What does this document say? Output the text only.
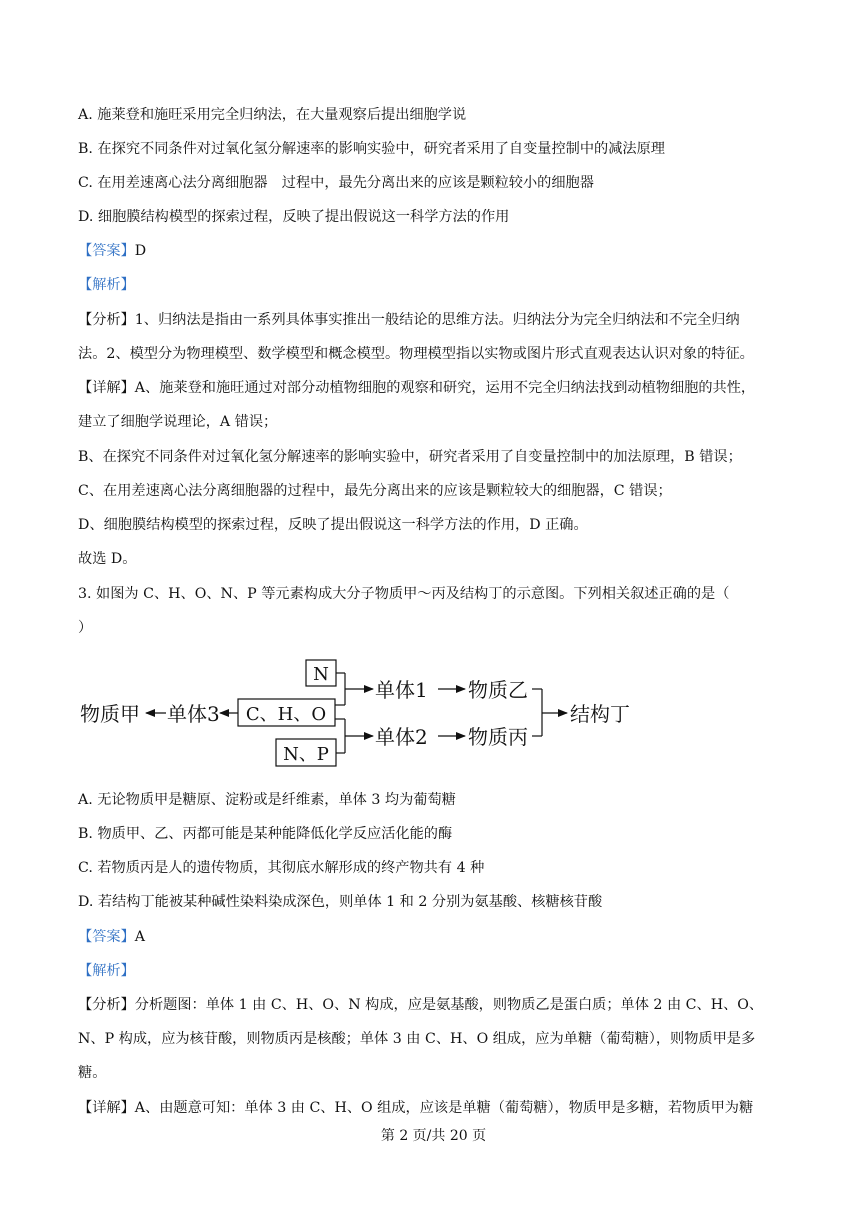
A. 施莱登和施旺采用完全归纳法，在大量观察后提出细胞学说
B. 在探究不同条件对过氧化氢分解速率的影响实验中，研究者采用了自变量控制中的减法原理
C. 在用差速离心法分离细胞器　过程中，最先分离出来的应该是颗粒较小的细胞器
D. 细胞膜结构模型的探索过程，反映了提出假说这一科学方法的作用
【答案】D
【解析】
【分析】1、归纳法是指由一系列具体事实推出一般结论的思维方法。归纳法分为完全归纳法和不完全归纳
法。2、模型分为物理模型、数学模型和概念模型。物理模型指以实物或图片形式直观表达认识对象的特征。
【详解】A、施莱登和施旺通过对部分动植物细胞的观察和研究，运用不完全归纳法找到动植物细胞的共性，
建立了细胞学说理论，A 错误；
B、在探究不同条件对过氧化氢分解速率的影响实验中，研究者采用了自变量控制中的加法原理，B 错误；
C、在用差速离心法分离细胞器的过程中，最先分离出来的应该是颗粒较大的细胞器，C 错误；
D、细胞膜结构模型的探索过程，反映了提出假说这一科学方法的作用，D 正确。
故选 D。
3. 如图为 C、H、O、N、P 等元素构成大分子物质甲～丙及结构丁的示意图。下列相关叙述正确的是（
）
N
C、H、O
N、P
物质甲 单体3
单体1 物质乙
单体2 物质丙
结构丁
A. 无论物质甲是糖原、淀粉或是纤维素，单体 3 均为葡萄糖
B. 物质甲、乙、丙都可能是某种能降低化学反应活化能的酶
C. 若物质丙是人的遗传物质，其彻底水解形成的终产物共有 4 种
D. 若结构丁能被某种碱性染料染成深色，则单体 1 和 2 分别为氨基酸、核糖核苷酸
【答案】A
【解析】
【分析】分析题图：单体 1 由 C、H、O、N 构成，应是氨基酸，则物质乙是蛋白质；单体 2 由 C、H、O、
N、P 构成，应为核苷酸，则物质丙是核酸；单体 3 由 C、H、O 组成，应为单糖（葡萄糖），则物质甲是多
糖。
【详解】A、由题意可知：单体 3 由 C、H、O 组成，应该是单糖（葡萄糖），物质甲是多糖，若物质甲为糖
第 2 页/共 20 页
